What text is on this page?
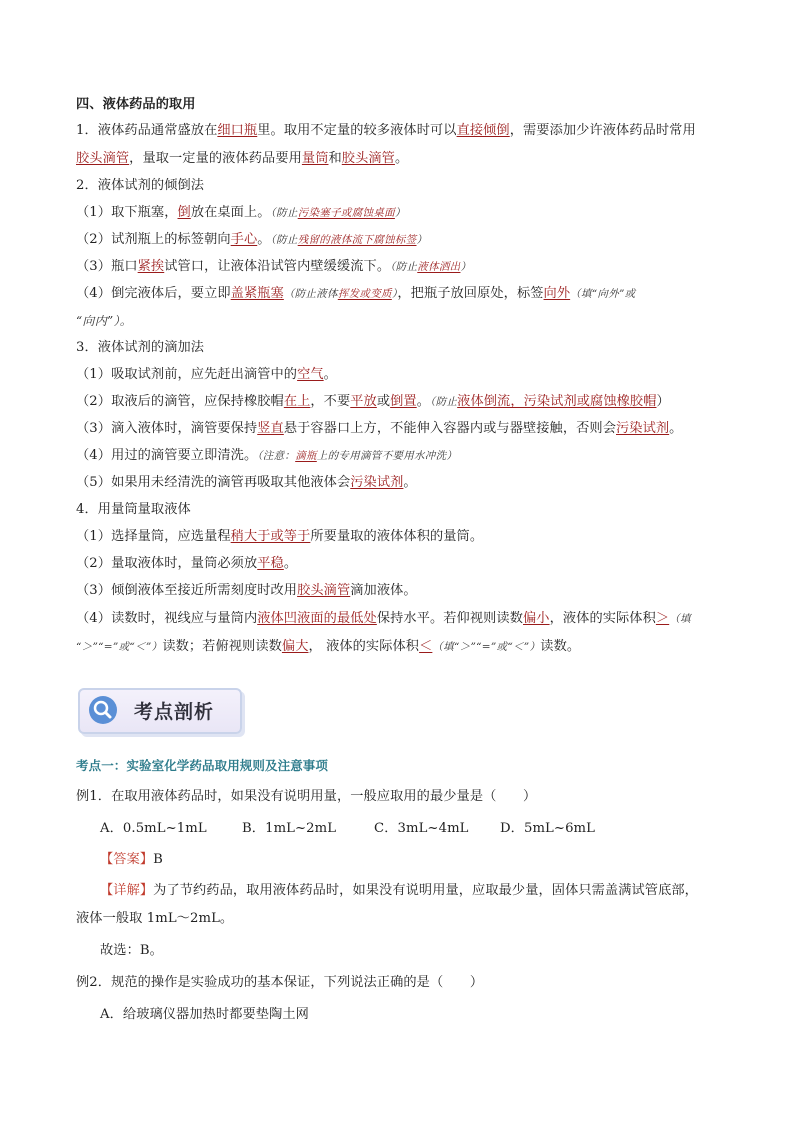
四、液体药品的取用
1．液体药品通常盛放在细口瓶里。取用不定量的较多液体时可以直接倾倒，需要添加少许液体药品时常用
胶头滴管，量取一定量的液体药品要用量筒和胶头滴管。
2．液体试剂的倾倒法
（1）取下瓶塞，倒放在桌面上。（防止污染塞子或腐蚀桌面）
（2）试剂瓶上的标签朝向手心。（防止残留的液体流下腐蚀标签）
（3）瓶口紧挨试管口，让液体沿试管内壁缓缓流下。（防止液体洒出）
（4）倒完液体后，要立即盖紧瓶塞（防止液体挥发或变质），把瓶子放回原处，标签向外（填“向外”或
“向内”）。
3．液体试剂的滴加法
（1）吸取试剂前，应先赶出滴管中的空气。
（2）取液后的滴管，应保持橡胶帽在上，不要平放或倒置。（防止液体倒流，污染试剂或腐蚀橡胶帽）
（3）滴入液体时，滴管要保持竖直悬于容器口上方，不能伸入容器内或与器壁接触，否则会污染试剂。
（4）用过的滴管要立即清洗。（注意：滴瓶上的专用滴管不要用水冲洗）
（5）如果用未经清洗的滴管再吸取其他液体会污染试剂。
4．用量筒量取液体
（1）选择量筒，应选量程稍大于或等于所要量取的液体体积的量筒。
（2）量取液体时，量筒必须放平稳。
（3）倾倒液体至接近所需刻度时改用胶头滴管滴加液体。
（4）读数时，视线应与量筒内液体凹液面的最低处保持水平。若仰视则读数偏小，液体的实际体积＞（填
“＞”“=”或“＜”）读数；若俯视则读数偏大， 液体的实际体积＜（填“＞”“=”或“＜”）读数。
考点剖析
考点一：实验室化学药品取用规则及注意事项
例1．在取用液体药品时，如果没有说明用量，一般应取用的最少量是（　　）
A．0.5mL~1mL	B．1mL~2mL	C．3mL~4mL D．5mL~6mL
【答案】B
【详解】为了节约药品，取用液体药品时，如果没有说明用量，应取最少量，固体只需盖满试管底部，
液体一般取 1mL～2mL。
故选：B。
例2．规范的操作是实验成功的基本保证，下列说法正确的是（　　）
A．给玻璃仪器加热时都要垫陶土网
